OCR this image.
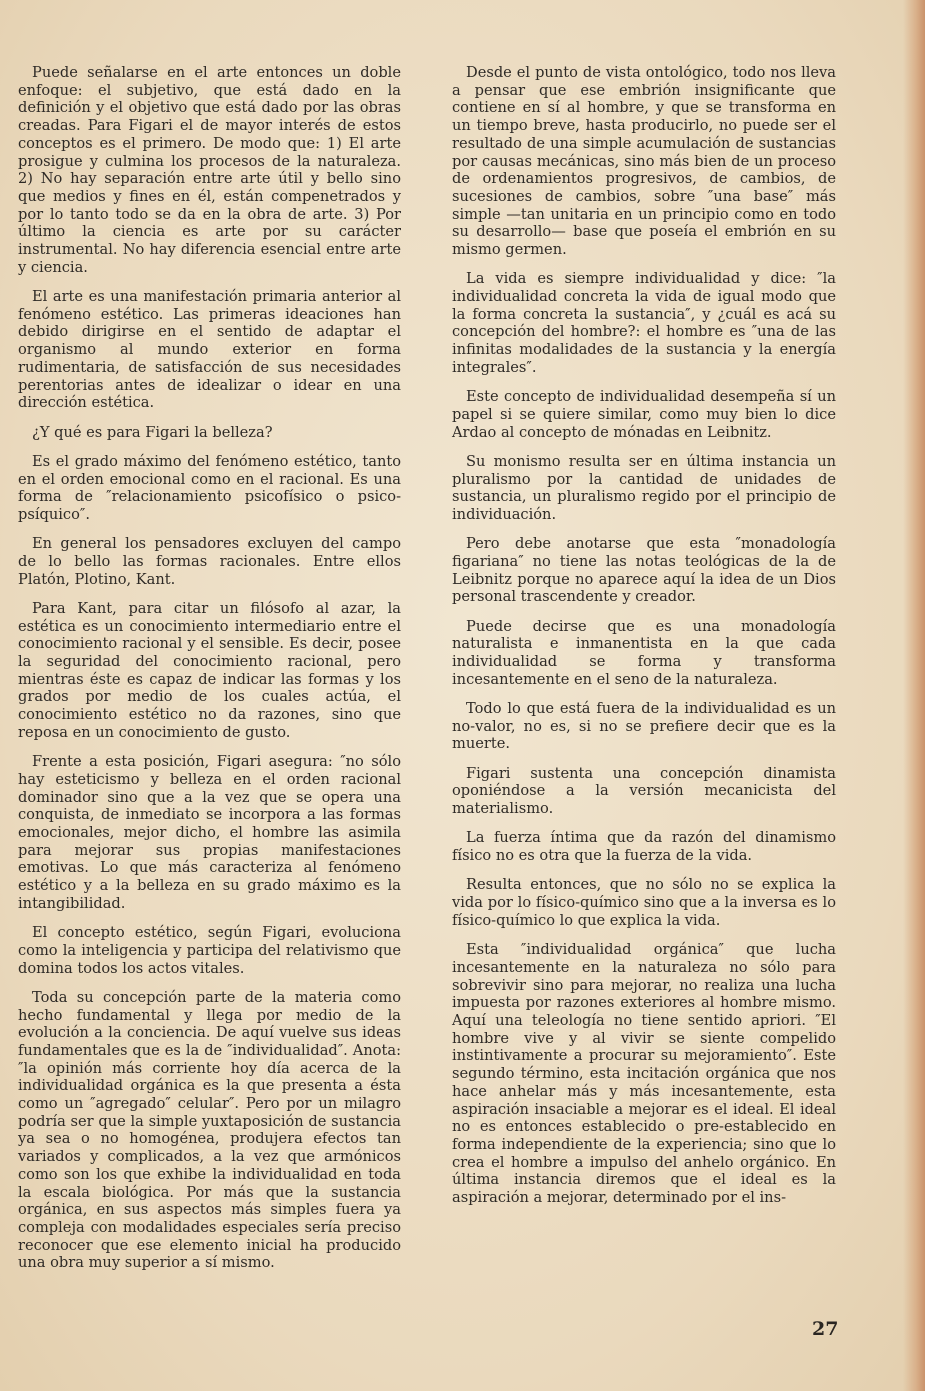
Puede señalarse en el arte entonces un doble enfoque: el subjetivo, que está dado en la definición y el objetivo que está dado por las obras creadas. Para Figari el de mayor interés de estos conceptos es el primero. De modo que: 1) El arte prosigue y culmina los procesos de la naturaleza. 2) No hay separación entre arte útil y bello sino que medios y fines en él, están compenetrados y por lo tanto todo se da en la obra de arte. 3) Por último la ciencia es arte por su carácter instrumental. No hay diferencia esencial entre arte y ciencia.

El arte es una manifestación primaria anterior al fenómeno estético. Las primeras ideaciones han debido dirigirse en el sentido de adaptar el organismo al mundo exterior en forma rudimentaria, de satisfacción de sus necesidades perentorias antes de idealizar o idear en una dirección estética.

¿Y qué es para Figari la belleza?

Es el grado máximo del fenómeno estético, tanto en el orden emocional como en el racional. Es una forma de ″relacionamiento psicofísico o psico-psíquico″.

En general los pensadores excluyen del campo de lo bello las formas racionales. Entre ellos Platón, Plotino, Kant.

Para Kant, para citar un filósofo al azar, la estética es un conocimiento intermediario entre el conocimiento racional y el sensible. Es decir, posee la seguridad del conocimiento racional, pero mientras éste es capaz de indicar las formas y los grados por medio de los cuales actúa, el conocimiento estético no da razones, sino que reposa en un conocimiento de gusto.

Frente a esta posición, Figari asegura: ″no sólo hay esteticismo y belleza en el orden racional dominador sino que a la vez que se opera una conquista, de inmediato se incorpora a las formas emocionales, mejor dicho, el hombre las asimila para mejorar sus propias manifestaciones emotivas. Lo que más caracteriza al fenómeno estético y a la belleza en su grado máximo es la intangibilidad.

El concepto estético, según Figari, evoluciona como la inteligencia y participa del relativismo que domina todos los actos vitales.

Toda su concepción parte de la materia como hecho fundamental y llega por medio de la evolución a la conciencia. De aquí vuelve sus ideas fundamentales que es la de ″individualidad″. Anota: ″la opinión más corriente hoy día acerca de la individualidad orgánica es la que presenta a ésta como un ″agregado″ celular″. Pero por un milagro podría ser que la simple yuxtaposición de sustancia ya sea o no homogénea, produjera efectos tan variados y complicados, a la vez que armónicos como son los que exhibe la individualidad en toda la escala biológica. Por más que la sustancia orgánica, en sus aspectos más simples fuera ya compleja con modalidades especiales sería preciso reconocer que ese elemento inicial ha producido una obra muy superior a sí mismo.

Desde el punto de vista ontológico, todo nos lleva a pensar que ese embrión insignificante que contiene en sí al hombre, y que se transforma en un tiempo breve, hasta producirlo, no puede ser el resultado de una simple acumulación de sustancias por causas mecánicas, sino más bien de un proceso de ordenamientos progresivos, de cambios, de sucesiones de cambios, sobre ″una base″ más simple —tan unitaria en un principio como en todo su desarrollo— base que poseía el embrión en su mismo germen.

La vida es siempre individualidad y dice: ″la individualidad concreta la vida de igual modo que la forma concreta la sustancia″, y ¿cuál es acá su concepción del hombre?: el hombre es ″una de las infinitas modalidades de la sustancia y la energía integrales″.

Este concepto de individualidad desempeña sí un papel si se quiere similar, como muy bien lo dice Ardao al concepto de mónadas en Leibnitz.

Su monismo resulta ser en última instancia un pluralismo por la cantidad de unidades de sustancia, un pluralismo regido por el principio de individuación.

Pero debe anotarse que esta ″monadología figariana″ no tiene las notas teológicas de la de Leibnitz porque no aparece aquí la idea de un Dios personal trascendente y creador.

Puede decirse que es una monadología naturalista e inmanentista en la que cada individualidad se forma y transforma incesantemente en el seno de la naturaleza.

Todo lo que está fuera de la individualidad es un no-valor, no es, si no se prefiere decir que es la muerte.

Figari sustenta una concepción dinamista oponiéndose a la versión mecanicista del materialismo.

La fuerza íntima que da razón del dinamismo físico no es otra que la fuerza de la vida.

Resulta entonces, que no sólo no se explica la vida por lo físico-químico sino que a la inversa es lo físico-químico lo que explica la vida.

Esta ″individualidad orgánica″ que lucha incesantemente en la naturaleza no sólo para sobrevivir sino para mejorar, no realiza una lucha impuesta por razones exteriores al hombre mismo. Aquí una teleología no tiene sentido apriori. ″El hombre vive y al vivir se siente compelido instintivamente a procurar su mejoramiento″. Este segundo término, esta incitación orgánica que nos hace anhelar más y más incesantemente, esta aspiración insaciable a mejorar es el ideal. El ideal no es entonces establecido o pre-establecido en forma independiente de la experiencia; sino que lo crea el hombre a impulso del anhelo orgánico. En última instancia diremos que el ideal es la aspiración a mejorar, determinado por el ins-

27
